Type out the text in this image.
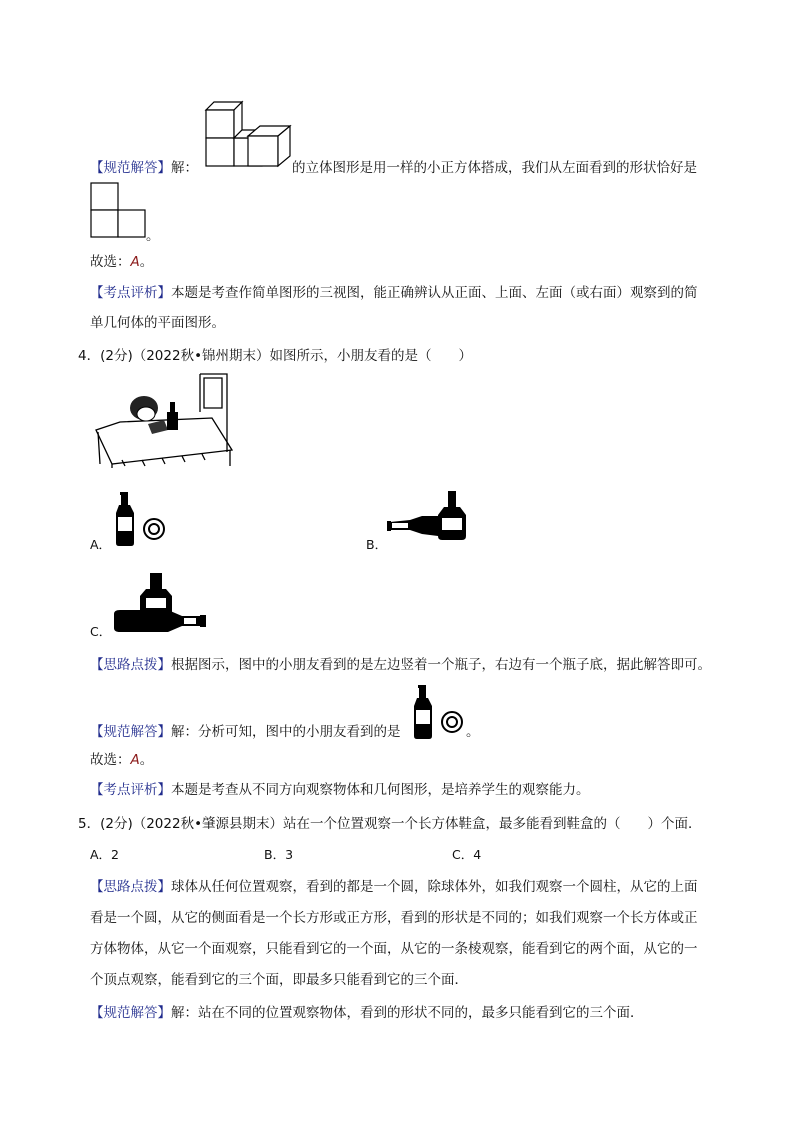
【规范解答】解：	的立体图形是用一样的小正方体搭成，我们从左面看到的形状恰好是
。
故选：A。
【考点评析】本题是考查作简单图形的三视图，能正确辨认从正面、上面、左面（或右面）观察到的简
单几何体的平面图形。
4．(2分)（2022秋•锦州期末）如图所示，小朋友看的是（　　）
A．	B．
C．
【思路点拨】根据图示，图中的小朋友看到的是左边竖着一个瓶子，右边有一个瓶子底，据此解答即可。
【规范解答】解：分析可知，图中的小朋友看到的是	。
故选：A。
【考点评析】本题是考查从不同方向观察物体和几何图形，是培养学生的观察能力。
5．(2分)（2022秋•肇源县期末）站在一个位置观察一个长方体鞋盒，最多能看到鞋盒的（　　）个面．
A．2	B．3	C．4
【思路点拨】球体从任何位置观察，看到的都是一个圆，除球体外，如我们观察一个圆柱，从它的上面
看是一个圆，从它的侧面看是一个长方形或正方形，看到的形状是不同的；如我们观察一个长方体或正
方体物体，从它一个面观察，只能看到它的一个面，从它的一条棱观察，能看到它的两个面，从它的一
个顶点观察，能看到它的三个面，即最多只能看到它的三个面．
【规范解答】解：站在不同的位置观察物体，看到的形状不同的，最多只能看到它的三个面．
